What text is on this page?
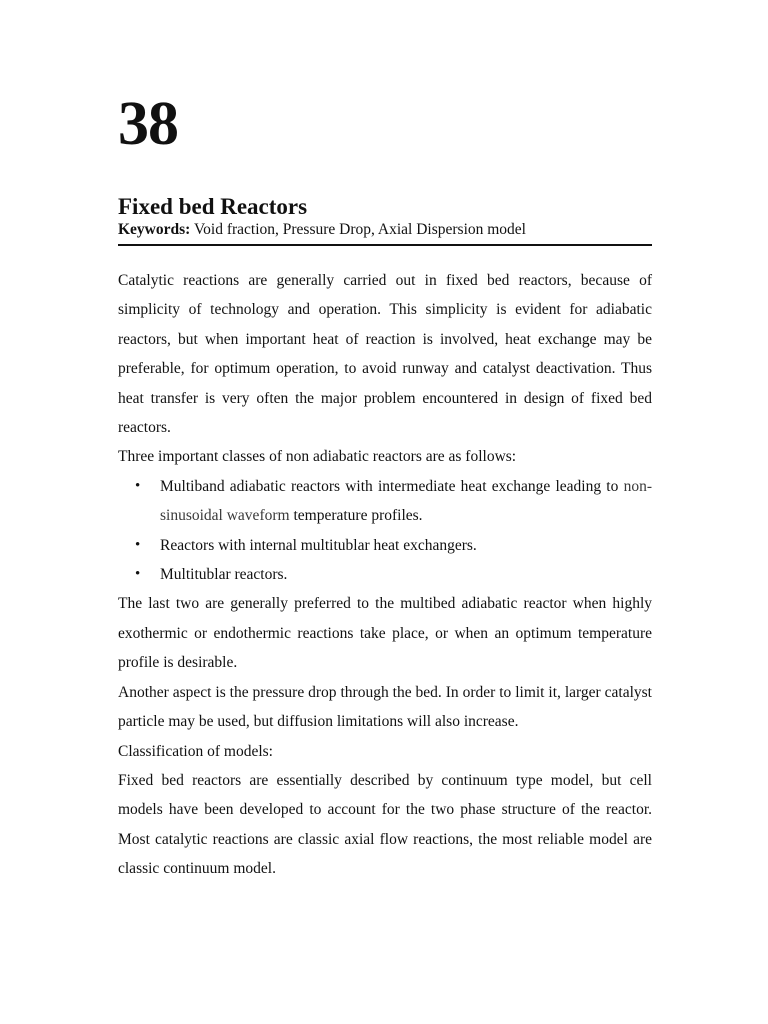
38
Fixed bed Reactors
Keywords: Void fraction, Pressure Drop, Axial Dispersion model

Catalytic reactions are generally carried out in fixed bed reactors, because of simplicity of technology and operation. This simplicity is evident for adiabatic reactors, but when important heat of reaction is involved, heat exchange may be preferable, for optimum operation, to avoid runway and catalyst deactivation. Thus heat transfer is very often the major problem encountered in design of fixed bed reactors.

Three important classes of non adiabatic reactors are as follows:

• Multiband adiabatic reactors with intermediate heat exchange leading to non-sinusoidal waveform temperature profiles.
• Reactors with internal multitublar heat exchangers.
• Multitublar reactors.

The last two are generally preferred to the multibed adiabatic reactor when highly exothermic or endothermic reactions take place, or when an optimum temperature profile is desirable.

Another aspect is the pressure drop through the bed. In order to limit it, larger catalyst particle may be used, but diffusion limitations will also increase.

Classification of models:

Fixed bed reactors are essentially described by continuum type model, but cell models have been developed to account for the two phase structure of the reactor. Most catalytic reactions are classic axial flow reactions, the most reliable model are classic continuum model.
